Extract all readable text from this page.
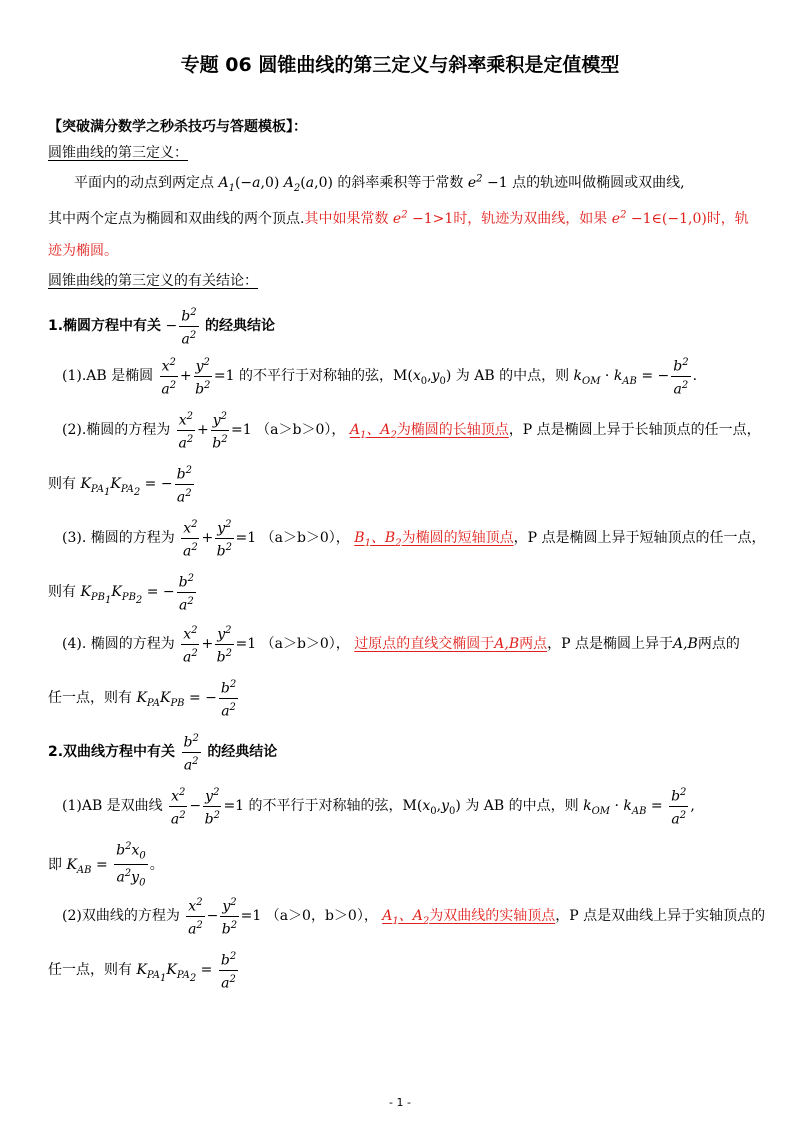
专题 06 圆锥曲线的第三定义与斜率乘积是定值模型
【突破满分数学之秒杀技巧与答题模板】：
圆锥曲线的第三定义：
平面内的动点到两定点 $A_1(-a,0)$ $A_2(a,0)$ 的斜率乘积等于常数 $e^2 -1$ 点的轨迹叫做椭圆或双曲线,
其中两个定点为椭圆和双曲线的两个顶点.其中如果常数 $e^2 -1>1$时，轨迹为双曲线，如果 $e^2$ −1∈(−1,0)时，轨
迹为椭圆。
圆锥曲线的第三定义的有关结论：
1.椭圆方程中有关 − $\frac{b^2}{a^2}$ 的经典结论
(1).AB 是椭圆 $\frac{x^2}{a^2} + \frac{y^2}{b^2} =1$ 的不平行于对称轴的弦，$M(x_0,y_0)$ 为 AB 的中点，则 $k_{OM} \cdot k_{AB}$ = − $\frac{b^2}{a^2}$ .
(2).椭圆的方程为 $\frac{x^2}{a^2} + \frac{y^2}{b^2} =1$ （a＞b＞0）， $A_1$、$A_2$为椭圆的长轴顶点，P 点是椭圆上异于长轴顶点的任一点，
则有 $K_{PA_1}K_{PA_2}$ = − $\frac{b^2}{a^2}$
(3). 椭圆的方程为 $\frac{x^2}{a^2} + \frac{y^2}{b^2} =1$ （a＞b＞0）， $B_1$、$B_2$为椭圆的短轴顶点，P 点是椭圆上异于短轴顶点的任一点，
则有 $K_{PB_1}K_{PB_2}$ = − $\frac{b^2}{a^2}$
(4). 椭圆的方程为 $\frac{x^2}{a^2} + \frac{y^2}{b^2} =1$ （a＞b＞0）， 过原点的直线交椭圆于A,B两点，P 点是椭圆上异于A,B两点的
任一点，则有 $K_{PA}K_{PB}$ = − $\frac{b^2}{a^2}$
2.双曲线方程中有关 $\frac{b^2}{a^2}$ 的经典结论
(1)AB 是双曲线 $\frac{x^2}{a^2} - \frac{y^2}{b^2} =1$ 的不平行于对称轴的弦，$M(x_0,y_0)$ 为 AB 的中点，则 $k_{OM} \cdot k_{AB} = \frac{b^2}{a^2}$ ,
即 $K_{AB} = \frac{b^2x_0}{a^2y_0}$ 。
(2)双曲线的方程为 $\frac{x^2}{a^2} - \frac{y^2}{b^2} =1$ （a＞0，b＞0）， $A_1$、$A_2$为双曲线的实轴顶点，P 点是双曲线上异于实轴顶点的
任一点，则有 $K_{PA_1}K_{PA_2} = \frac{b^2}{a^2}$
- 1 -
